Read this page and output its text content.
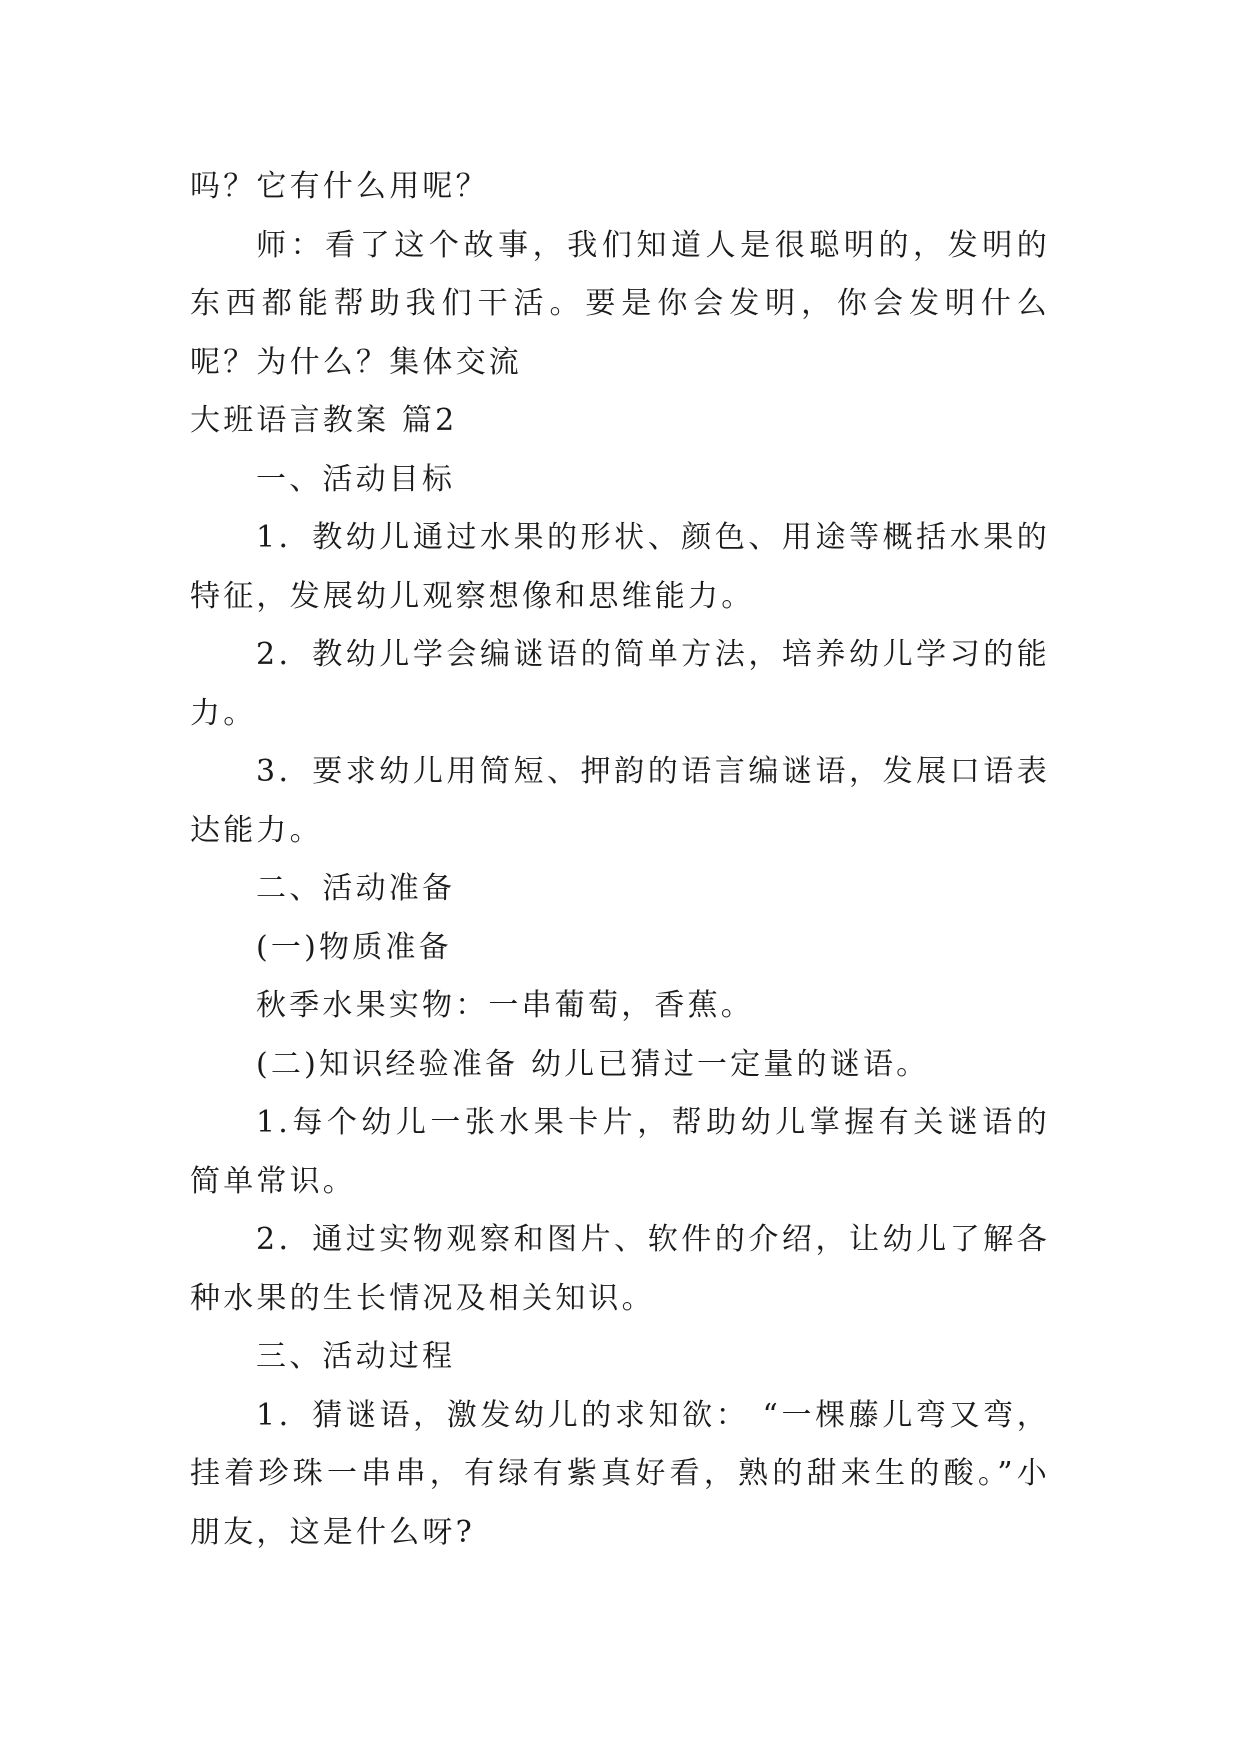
吗？它有什么用呢？

师：看了这个故事，我们知道人是很聪明的，发明的东西都能帮助我们干活。要是你会发明，你会发明什么呢？为什么？集体交流

大班语言教案 篇2

一、活动目标

1．教幼儿通过水果的形状、颜色、用途等概括水果的特征，发展幼儿观察想像和思维能力。

2．教幼儿学会编谜语的简单方法，培养幼儿学习的能力。

3．要求幼儿用简短、押韵的语言编谜语，发展口语表达能力。

二、活动准备

(一)物质准备

秋季水果实物：一串葡萄，香蕉。

(二)知识经验准备 幼儿已猜过一定量的谜语。

1.每个幼儿一张水果卡片，帮助幼儿掌握有关谜语的简单常识。

2．通过实物观察和图片、软件的介绍，让幼儿了解各种水果的生长情况及相关知识。

三、活动过程

1．猜谜语，激发幼儿的求知欲： “一棵藤儿弯又弯，挂着珍珠一串串，有绿有紫真好看，熟的甜来生的酸。”小朋友，这是什么呀?
